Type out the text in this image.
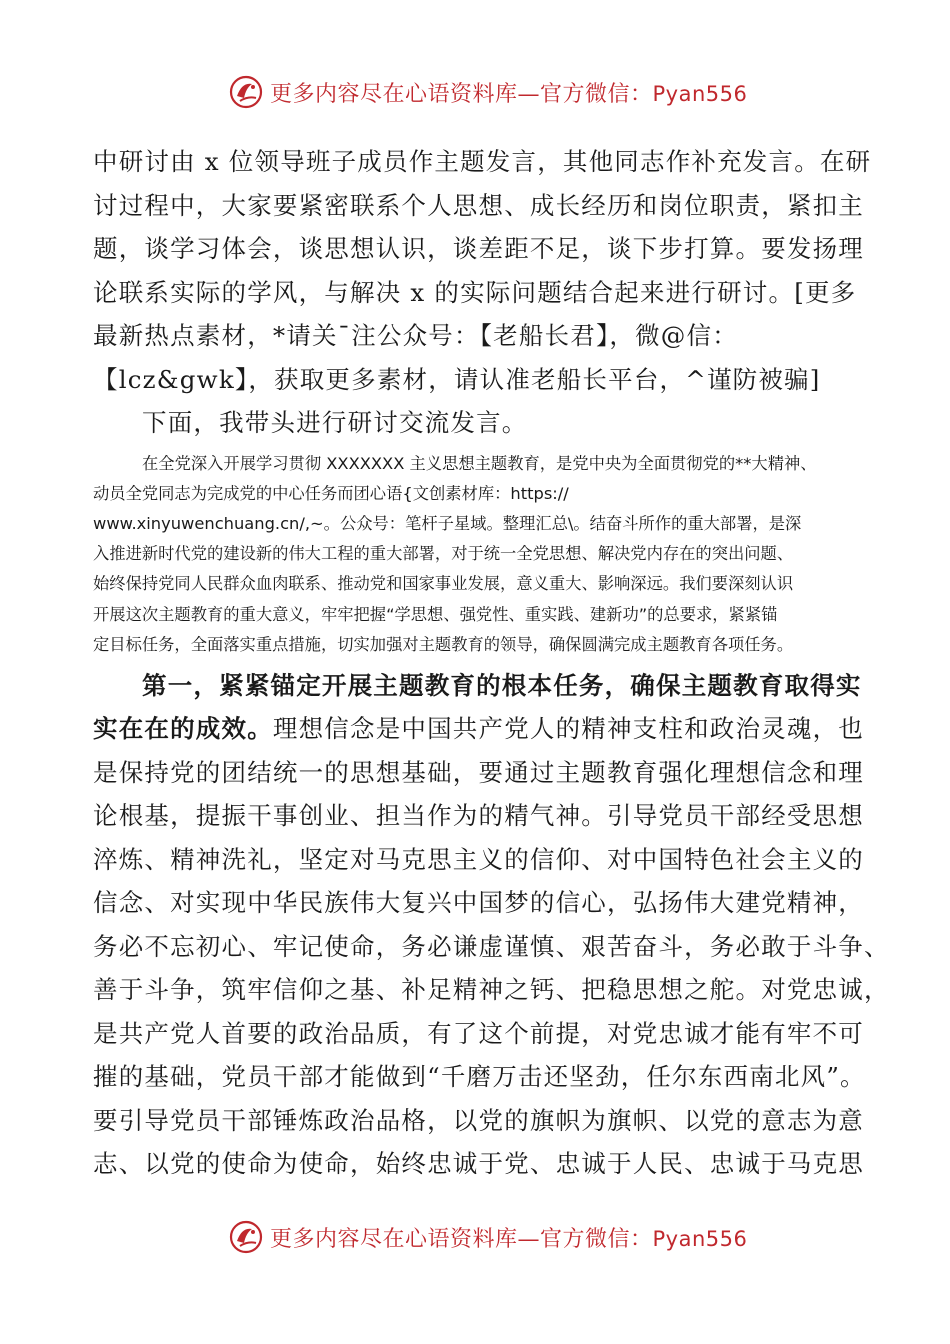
更多内容尽在心语资料库—官方微信：Pyan556

中研讨由 x 位领导班子成员作主题发言，其他同志作补充发言。在研

讨过程中，大家要紧密联系个人思想、成长经历和岗位职责，紧扣主

题，谈学习体会，谈思想认识，谈差距不足，谈下步打算。要发扬理

论联系实际的学风，与解决 x 的实际问题结合起来进行研讨。[更多

最新热点素材，*请关¯注公众号：【老船长君】，微@信：

【lcz&gwk】，获取更多素材，请认准老船长平台，^谨防被骗]

下面，我带头进行研讨交流发言。

在全党深入开展学习贯彻 XXXXXXX 主义思想主题教育，是党中央为全面贯彻党的**大精神、

动员全党同志为完成党的中心任务而团心语{文创素材库：https://

www.xinyuwenchuang.cn/,~。公众号：笔杆子星域。整理汇总\。结奋斗所作的重大部署，是深

入推进新时代党的建设新的伟大工程的重大部署，对于统一全党思想、解决党内存在的突出问题、

始终保持党同人民群众血肉联系、推动党和国家事业发展，意义重大、影响深远。我们要深刻认识

开展这次主题教育的重大意义，牢牢把握“学思想、强党性、重实践、建新功”的总要求，紧紧锚

定目标任务，全面落实重点措施，切实加强对主题教育的领导，确保圆满完成主题教育各项任务。

第一，紧紧锚定开展主题教育的根本任务，确保主题教育取得实

实在在的成效。理想信念是中国共产党人的精神支柱和政治灵魂，也

是保持党的团结统一的思想基础，要通过主题教育强化理想信念和理

论根基，提振干事创业、担当作为的精气神。引导党员干部经受思想

淬炼、精神洗礼，坚定对马克思主义的信仰、对中国特色社会主义的

信念、对实现中华民族伟大复兴中国梦的信心，弘扬伟大建党精神，

务必不忘初心、牢记使命，务必谦虚谨慎、艰苦奋斗，务必敢于斗争、

善于斗争，筑牢信仰之基、补足精神之钙、把稳思想之舵。对党忠诚，

是共产党人首要的政治品质，有了这个前提，对党忠诚才能有牢不可

摧的基础，党员干部才能做到“千磨万击还坚劲，任尔东西南北风”。

要引导党员干部锤炼政治品格，以党的旗帜为旗帜、以党的意志为意

志、以党的使命为使命，始终忠诚于党、忠诚于人民、忠诚于马克思

更多内容尽在心语资料库—官方微信：Pyan556
